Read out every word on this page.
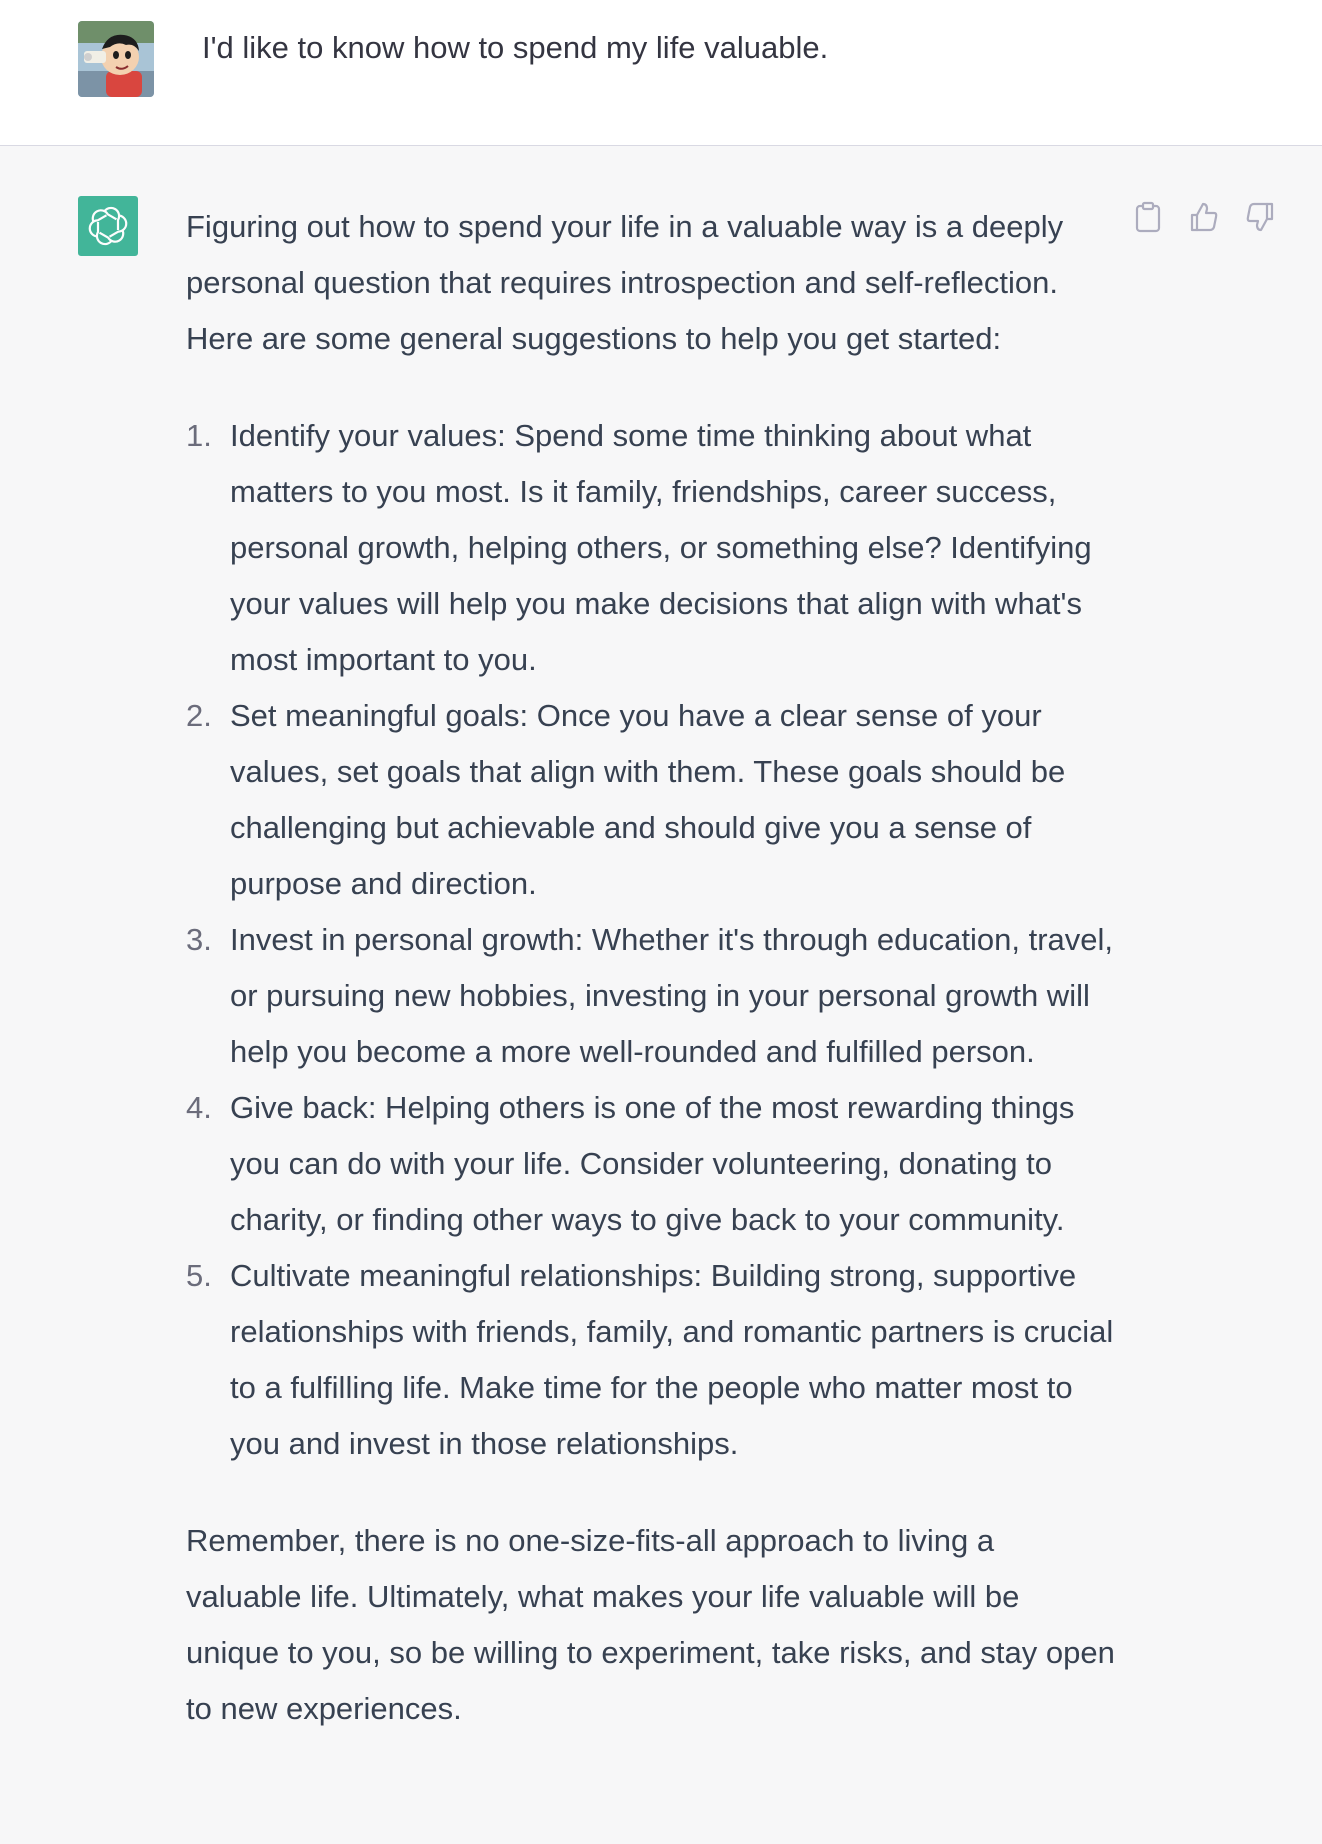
I'd like to know how to spend my life valuable.

Figuring out how to spend your life in a valuable way is a deeply personal question that requires introspection and self-reflection. Here are some general suggestions to help you get started:

1. Identify your values: Spend some time thinking about what matters to you most. Is it family, friendships, career success, personal growth, helping others, or something else? Identifying your values will help you make decisions that align with what's most important to you.
2. Set meaningful goals: Once you have a clear sense of your values, set goals that align with them. These goals should be challenging but achievable and should give you a sense of purpose and direction.
3. Invest in personal growth: Whether it's through education, travel, or pursuing new hobbies, investing in your personal growth will help you become a more well-rounded and fulfilled person.
4. Give back: Helping others is one of the most rewarding things you can do with your life. Consider volunteering, donating to charity, or finding other ways to give back to your community.
5. Cultivate meaningful relationships: Building strong, supportive relationships with friends, family, and romantic partners is crucial to a fulfilling life. Make time for the people who matter most to you and invest in those relationships.

Remember, there is no one-size-fits-all approach to living a valuable life. Ultimately, what makes your life valuable will be unique to you, so be willing to experiment, take risks, and stay open to new experiences.
